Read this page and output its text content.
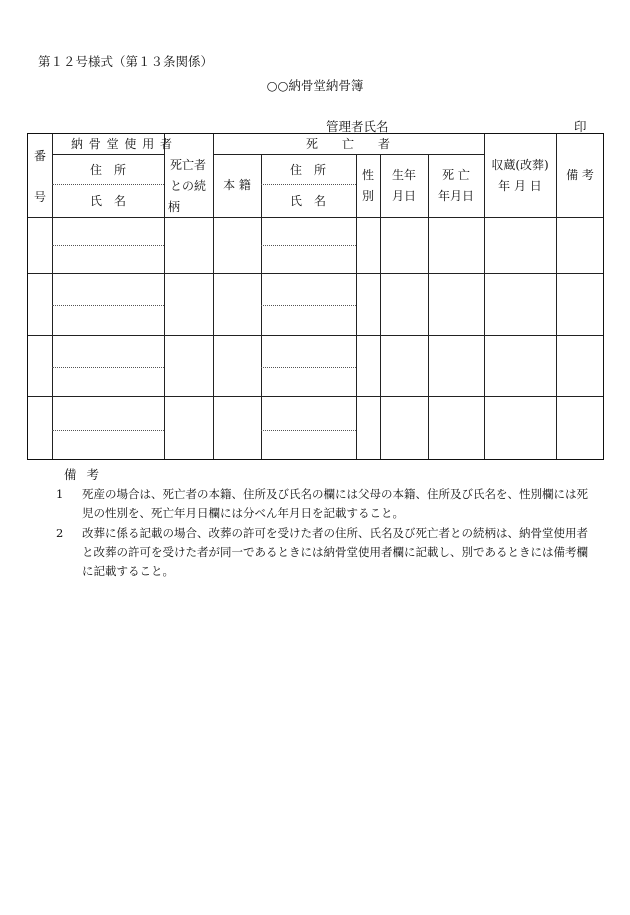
第１２号様式（第１３条関係）
○○納骨堂納骨簿
管理者氏名	印
番
号
納 骨 堂 使 用 者
住　所
氏　名
死亡者
との続
柄
死　　亡　　者
本 籍
住　所
氏　名
性
別
生年
月日
死 亡
年月日
収蔵(改葬)
年 月 日
備 考
備考
1 死産の場合は、死亡者の本籍、住所及び氏名の欄には父母の本籍、住所及び氏名を、性別欄には死児の性別を、死亡年月日欄には分べん年月日を記載すること。
2 改葬に係る記載の場合、改葬の許可を受けた者の住所、氏名及び死亡者との続柄は、納骨堂使用者と改葬の許可を受けた者が同一であるときには納骨堂使用者欄に記載し、別であるときには備考欄に記載すること。
